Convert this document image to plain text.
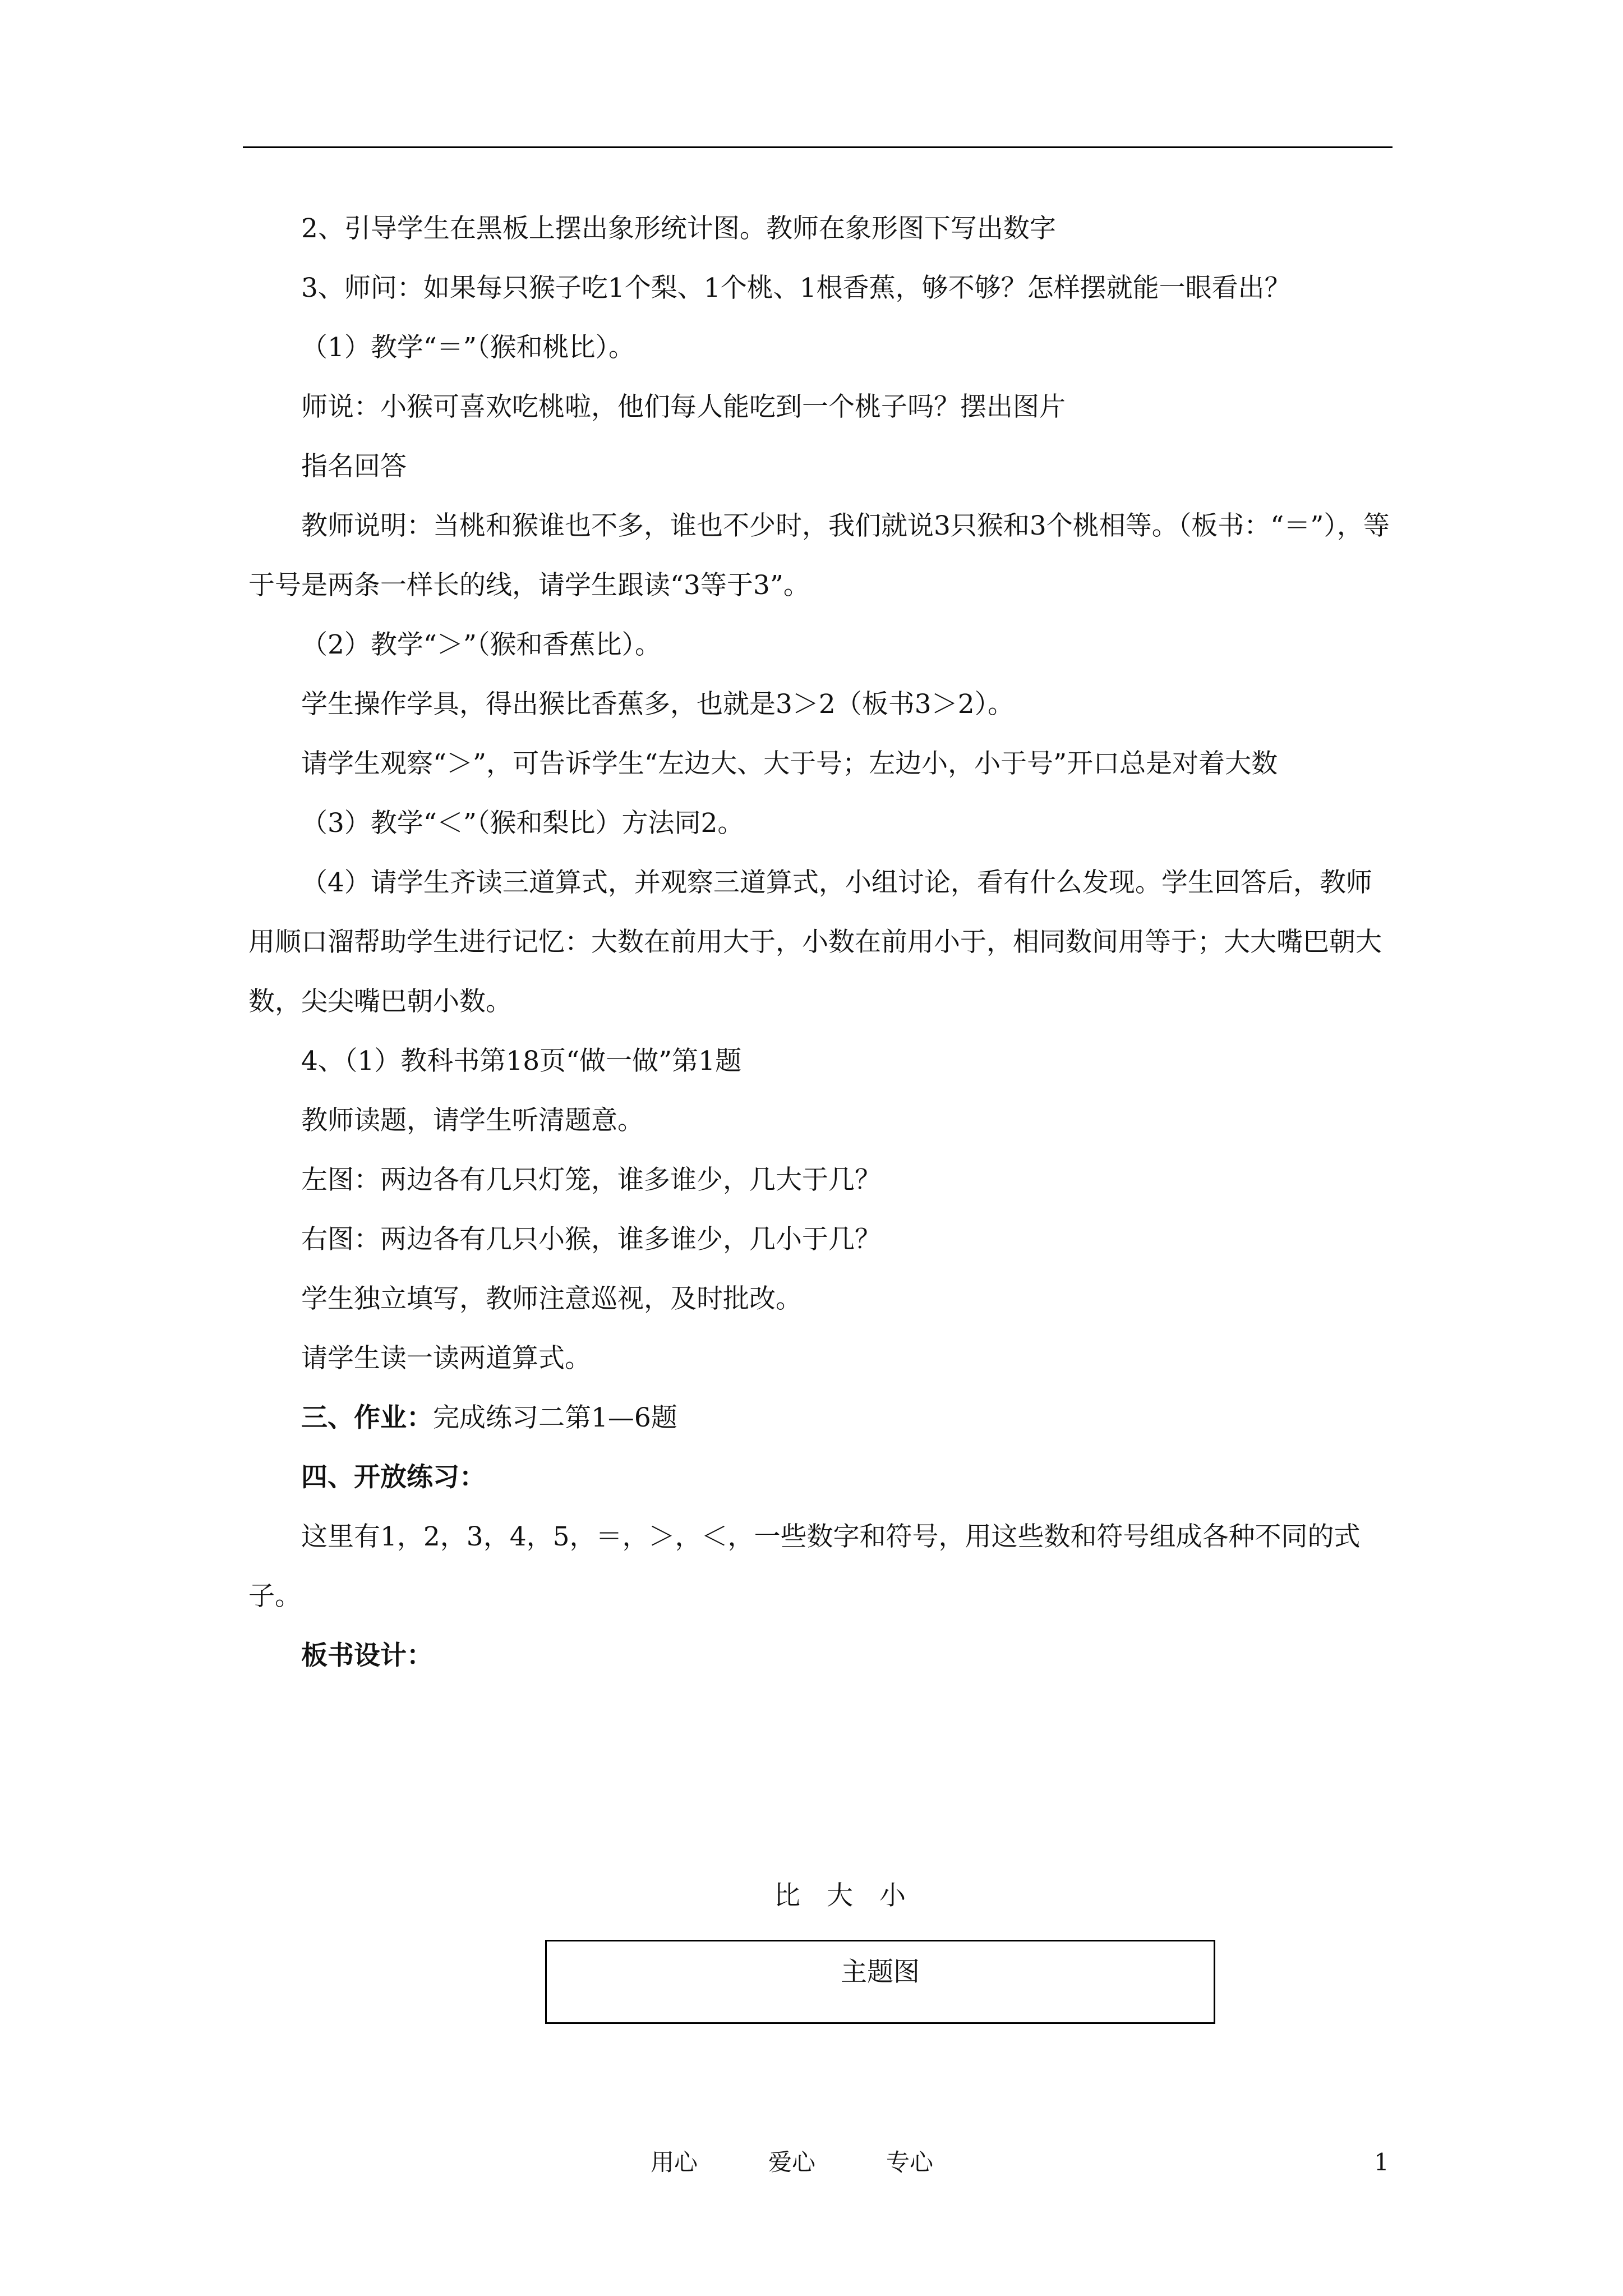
2、引导学生在黑板上摆出象形统计图。教师在象形图下写出数字

3、师问：如果每只猴子吃1个梨、1个桃、1根香蕉，够不够？怎样摆就能一眼看出？

（1）教学“＝”（猴和桃比）。

师说：小猴可喜欢吃桃啦，他们每人能吃到一个桃子吗？摆出图片

指名回答

教师说明：当桃和猴谁也不多，谁也不少时，我们就说3只猴和3个桃相等。（板书：“＝”），等于号是两条一样长的线，请学生跟读“3等于3”。

（2）教学“＞”（猴和香蕉比）。

学生操作学具，得出猴比香蕉多，也就是3＞2（板书3＞2）。

请学生观察“＞”，可告诉学生“左边大、大于号；左边小，小于号”开口总是对着大数

（3）教学“＜”（猴和梨比）方法同2。

（4）请学生齐读三道算式，并观察三道算式，小组讨论，看有什么发现。学生回答后，教师用顺口溜帮助学生进行记忆：大数在前用大于，小数在前用小于，相同数间用等于；大大嘴巴朝大数，尖尖嘴巴朝小数。

4、（1）教科书第18页“做一做”第1题

教师读题，请学生听清题意。

左图：两边各有几只灯笼，谁多谁少，几大于几？

右图：两边各有几只小猴，谁多谁少，几小于几？

学生独立填写，教师注意巡视，及时批改。

请学生读一读两道算式。

三、作业：完成练习二第1—6题

四、开放练习：

这里有1，2，3，4，5，＝，＞，＜，一些数字和符号，用这些数和符号组成各种不同的式子。

板书设计：

比　大　小
主题图
用心　　　爱心　　　专心	1
